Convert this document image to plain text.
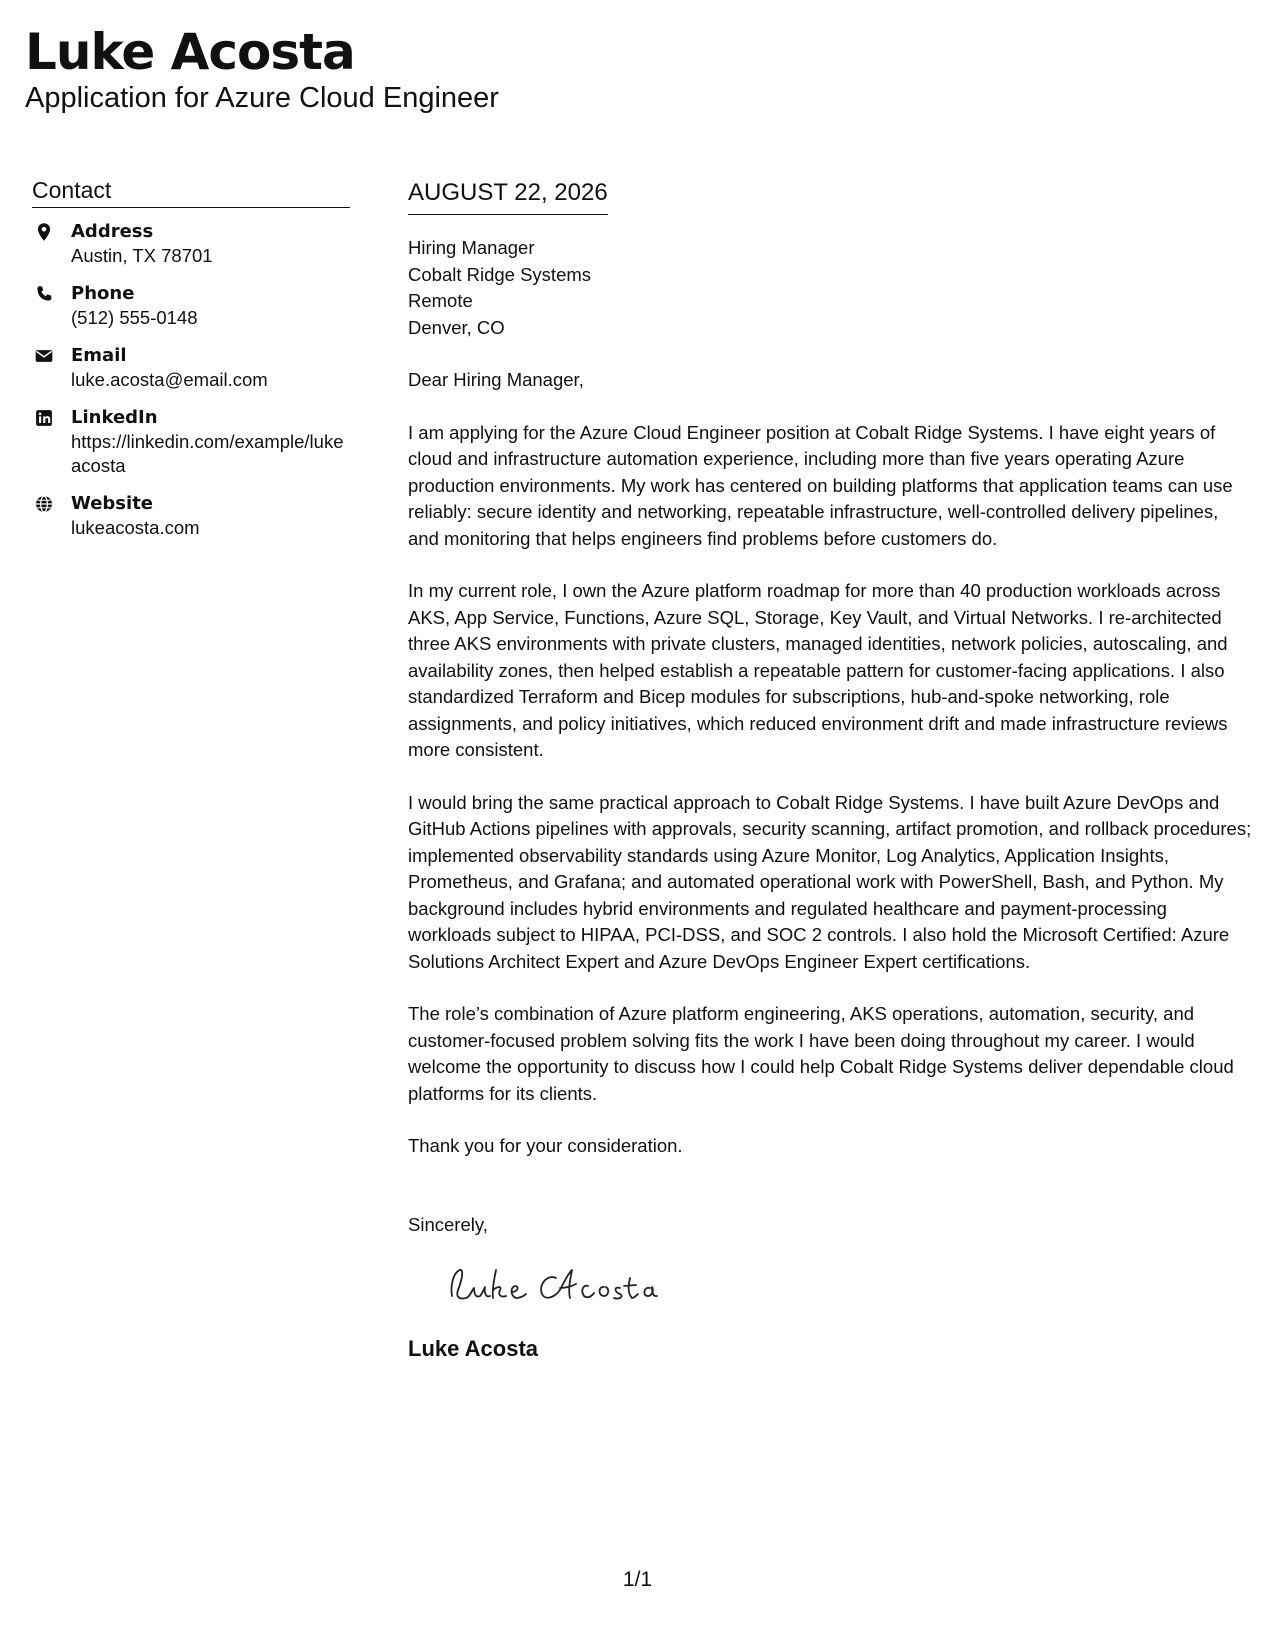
Luke Acosta
Application for Azure Cloud Engineer
Contact
Address
Austin, TX 78701
Phone
(512) 555-0148
Email
luke.acosta@email.com
LinkedIn
https://linkedin.com/example/lukeacosta
Website
lukeacosta.com
AUGUST 22, 2026
Hiring Manager
Cobalt Ridge Systems
Remote
Denver, CO

Dear Hiring Manager,

I am applying for the Azure Cloud Engineer position at Cobalt Ridge Systems. I have eight years of cloud and infrastructure automation experience, including more than five years operating Azure production environments. My work has centered on building platforms that application teams can use reliably: secure identity and networking, repeatable infrastructure, well-controlled delivery pipelines, and monitoring that helps engineers find problems before customers do.

In my current role, I own the Azure platform roadmap for more than 40 production workloads across AKS, App Service, Functions, Azure SQL, Storage, Key Vault, and Virtual Networks. I re-architected three AKS environments with private clusters, managed identities, network policies, autoscaling, and availability zones, then helped establish a repeatable pattern for customer-facing applications. I also standardized Terraform and Bicep modules for subscriptions, hub-and-spoke networking, role assignments, and policy initiatives, which reduced environment drift and made infrastructure reviews more consistent.

I would bring the same practical approach to Cobalt Ridge Systems. I have built Azure DevOps and GitHub Actions pipelines with approvals, security scanning, artifact promotion, and rollback procedures; implemented observability standards using Azure Monitor, Log Analytics, Application Insights, Prometheus, and Grafana; and automated operational work with PowerShell, Bash, and Python. My background includes hybrid environments and regulated healthcare and payment-processing workloads subject to HIPAA, PCI-DSS, and SOC 2 controls. I also hold the Microsoft Certified: Azure Solutions Architect Expert and Azure DevOps Engineer Expert certifications.

The role’s combination of Azure platform engineering, AKS operations, automation, security, and customer-focused problem solving fits the work I have been doing throughout my career. I would welcome the opportunity to discuss how I could help Cobalt Ridge Systems deliver dependable cloud platforms for its clients.

Thank you for your consideration.

Sincerely,
Luke Acosta
1/1
